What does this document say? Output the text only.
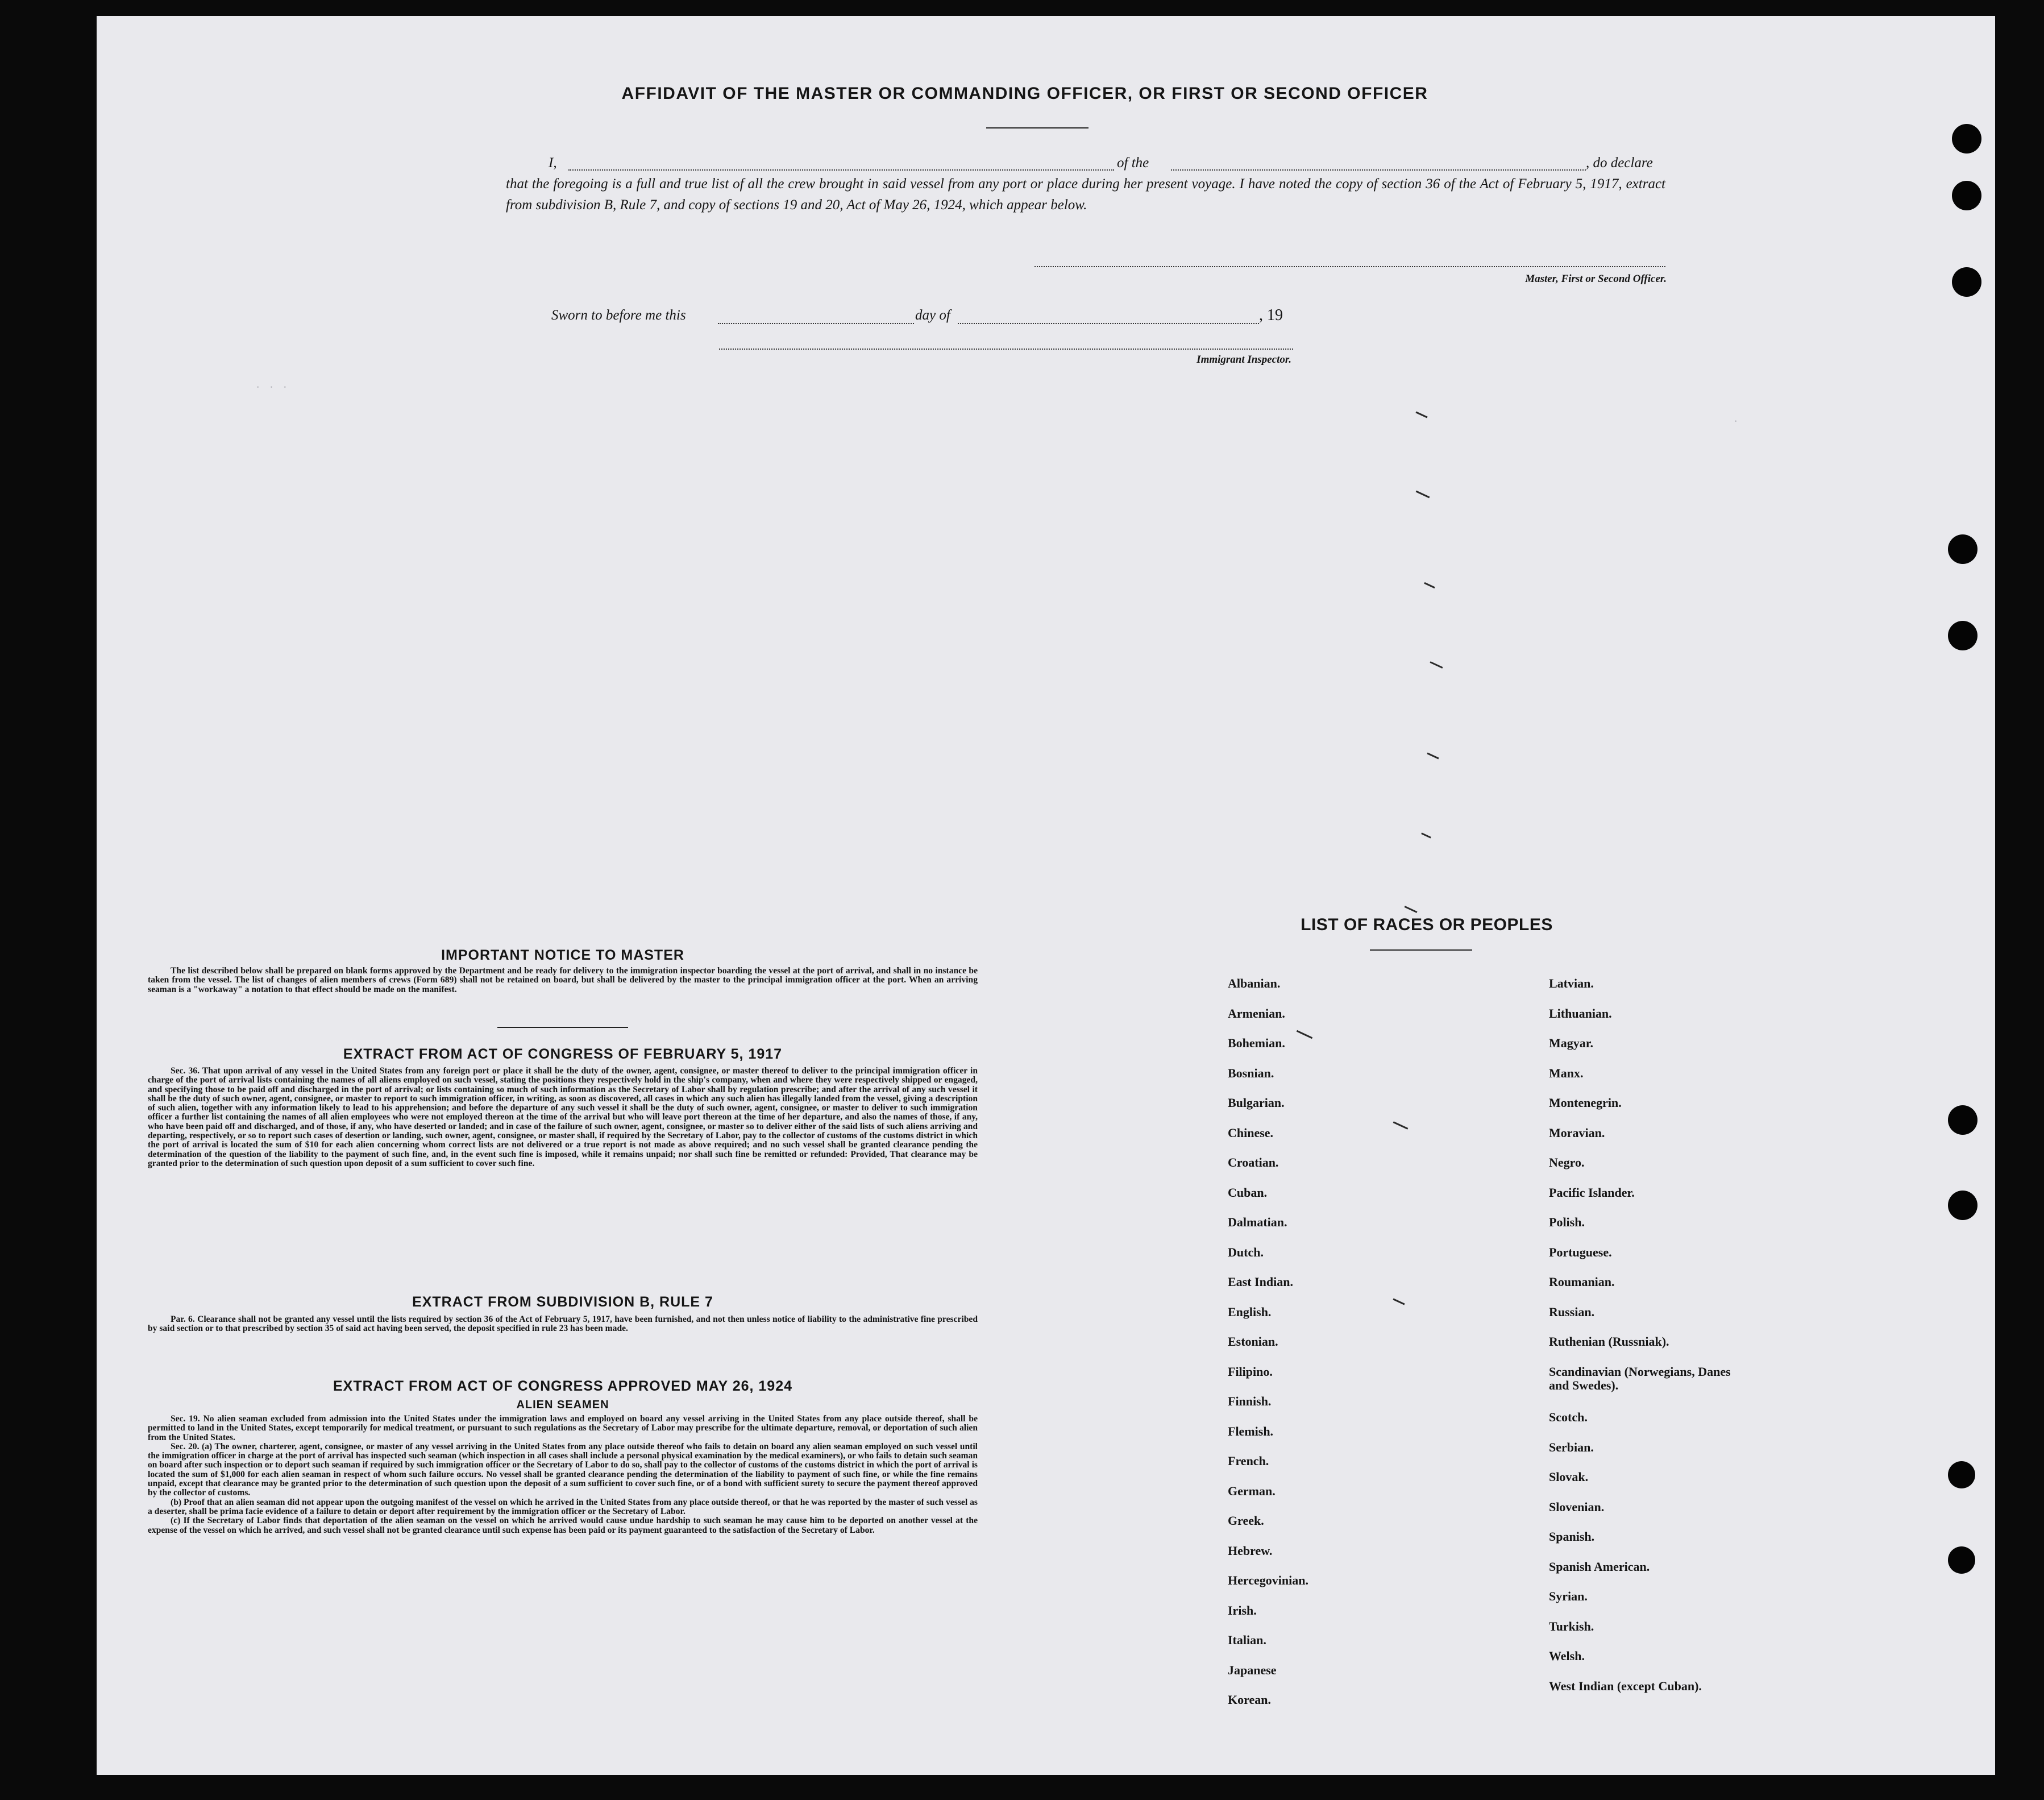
AFFIDAVIT OF THE MASTER OR COMMANDING OFFICER, OR FIRST OR SECOND OFFICER
I,	of the	, do declare
that the foregoing is a full and true list of all the crew brought in said vessel from any port or place during her present voyage. I have noted the copy of section 36 of the Act of February 5, 1917, extract from subdivision B, Rule 7, and copy of sections 19 and 20, Act of May 26, 1924, which appear below.
Master, First or Second Officer.
Sworn to before me this	day of	, 19
Immigrant Inspector.
·   ·   ·
·
IMPORTANT NOTICE TO MASTER

The list described below shall be prepared on blank forms approved by the Department and be ready for delivery to the immigration inspector boarding the vessel at the port of arrival, and shall in no instance be taken from the vessel. The list of changes of alien members of crews (Form 689) shall not be retained on board, but shall be delivered by the master to the principal immigration officer at the port. When an arriving seaman is a "workaway" a notation to that effect should be made on the manifest.

EXTRACT FROM ACT OF CONGRESS OF FEBRUARY 5, 1917

Sec. 36. That upon arrival of any vessel in the United States from any foreign port or place it shall be the duty of the owner, agent, consignee, or master thereof to deliver to the principal immigration officer in charge of the port of arrival lists containing the names of all aliens employed on such vessel, stating the positions they respectively hold in the ship's company, when and where they were respectively shipped or engaged, and specifying those to be paid off and discharged in the port of arrival; or lists containing so much of such information as the Secretary of Labor shall by regulation prescribe; and after the arrival of any such vessel it shall be the duty of such owner, agent, consignee, or master to report to such immigration officer, in writing, as soon as discovered, all cases in which any such alien has illegally landed from the vessel, giving a description of such alien, together with any information likely to lead to his apprehension; and before the departure of any such vessel it shall be the duty of such owner, agent, consignee, or master to deliver to such immigration officer a further list containing the names of all alien employees who were not employed thereon at the time of the arrival but who will leave port thereon at the time of her departure, and also the names of those, if any, who have been paid off and discharged, and of those, if any, who have deserted or landed; and in case of the failure of such owner, agent, consignee, or master so to deliver either of the said lists of such aliens arriving and departing, respectively, or so to report such cases of desertion or landing, such owner, agent, consignee, or master shall, if required by the Secretary of Labor, pay to the collector of customs of the customs district in which the port of arrival is located the sum of $10 for each alien concerning whom correct lists are not delivered or a true report is not made as above required; and no such vessel shall be granted clearance pending the determination of the question of the liability to the payment of such fine, and, in the event such fine is imposed, while it remains unpaid; nor shall such fine be remitted or refunded: Provided, That clearance may be granted prior to the determination of such question upon deposit of a sum sufficient to cover such fine.

EXTRACT FROM SUBDIVISION B, RULE 7

Par. 6. Clearance shall not be granted any vessel until the lists required by section 36 of the Act of February 5, 1917, have been furnished, and not then unless notice of liability to the administrative fine prescribed by said section or to that prescribed by section 35 of said act having been served, the deposit specified in rule 23 has been made.

EXTRACT FROM ACT OF CONGRESS APPROVED MAY 26, 1924
ALIEN SEAMEN

Sec. 19. No alien seaman excluded from admission into the United States under the immigration laws and employed on board any vessel arriving in the United States from any place outside thereof, shall be permitted to land in the United States, except temporarily for medical treatment, or pursuant to such regulations as the Secretary of Labor may prescribe for the ultimate departure, removal, or deportation of such alien from the United States.

Sec. 20. (a) The owner, charterer, agent, consignee, or master of any vessel arriving in the United States from any place outside thereof who fails to detain on board any alien seaman employed on such vessel until the immigration officer in charge at the port of arrival has inspected such seaman (which inspection in all cases shall include a personal physical examination by the medical examiners), or who fails to detain such seaman on board after such inspection or to deport such seaman if required by such immigration officer or the Secretary of Labor to do so, shall pay to the collector of customs of the customs district in which the port of arrival is located the sum of $1,000 for each alien seaman in respect of whom such failure occurs. No vessel shall be granted clearance pending the determination of the liability to payment of such fine, or while the fine remains unpaid, except that clearance may be granted prior to the determination of such question upon the deposit of a sum sufficient to cover such fine, or of a bond with sufficient surety to secure the payment thereof approved by the collector of customs.

(b) Proof that an alien seaman did not appear upon the outgoing manifest of the vessel on which he arrived in the United States from any place outside thereof, or that he was reported by the master of such vessel as a deserter, shall be prima facie evidence of a failure to detain or deport after requirement by the immigration officer or the Secretary of Labor.

(c) If the Secretary of Labor finds that deportation of the alien seaman on the vessel on which he arrived would cause undue hardship to such seaman he may cause him to be deported on another vessel at the expense of the vessel on which he arrived, and such vessel shall not be granted clearance until such expense has been paid or its payment guaranteed to the satisfaction of the Secretary of Labor.

LIST OF RACES OR PEOPLES
Albanian.
Armenian.
Bohemian.
Bosnian.
Bulgarian.
Chinese.
Croatian.
Cuban.
Dalmatian.
Dutch.
East Indian.
English.
Estonian.
Filipino.
Finnish.
Flemish.
French.
German.
Greek.
Hebrew.
Hercegovinian.
Irish.
Italian.
Japanese
Korean.
Latvian.
Lithuanian.
Magyar.
Manx.
Montenegrin.
Moravian.
Negro.
Pacific Islander.
Polish.
Portuguese.
Roumanian.
Russian.
Ruthenian (Russniak).
Scandinavian (Norwegians, Danes and Swedes).
Scotch.
Serbian.
Slovak.
Slovenian.
Spanish.
Spanish American.
Syrian.
Turkish.
Welsh.
West Indian (except Cuban).
